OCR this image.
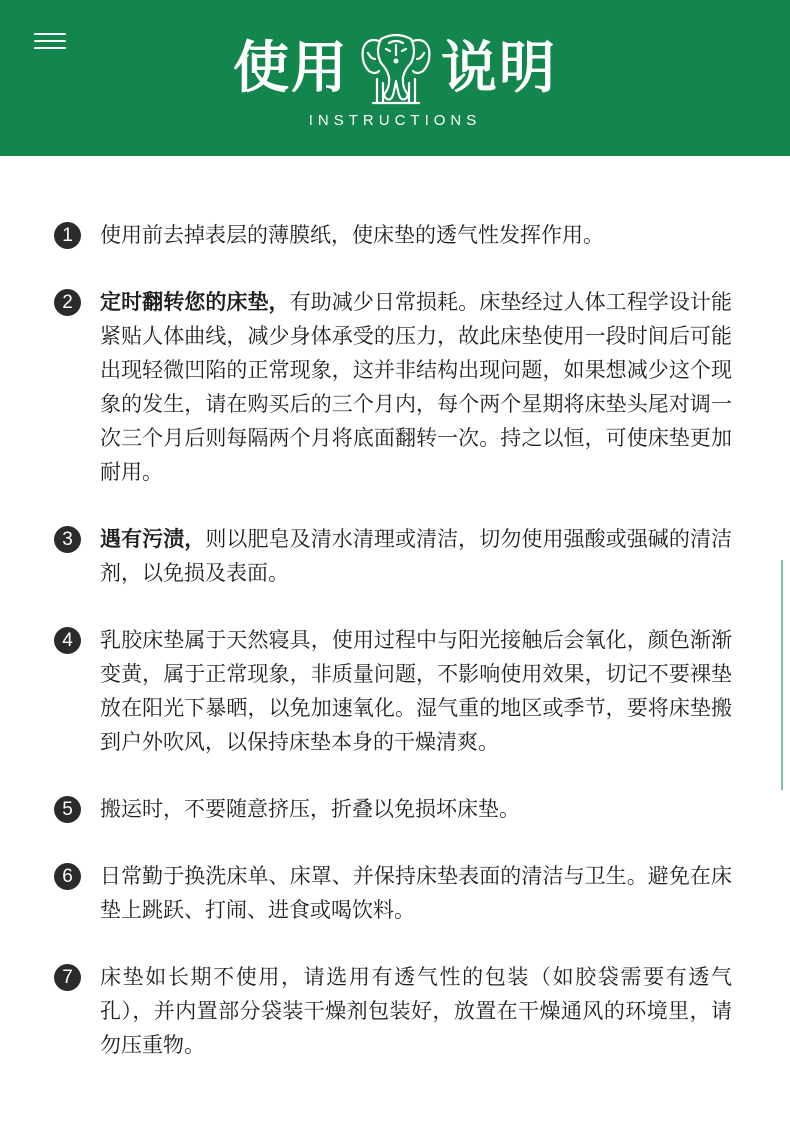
使用 说明
INSTRUCTIONS
1	使用前去掉表层的薄膜纸，使床垫的透气性发挥作用。
2	定时翻转您的床垫，有助减少日常损耗。床垫经过人体工程学设计能紧贴人体曲线，减少身体承受的压力，故此床垫使用一段时间后可能出现轻微凹陷的正常现象，这并非结构出现问题，如果想减少这个现象的发生，请在购买后的三个月内，每个两个星期将床垫头尾对调一次三个月后则每隔两个月将底面翻转一次。持之以恒，可使床垫更加耐用。
3	遇有污渍，则以肥皂及清水清理或清洁，切勿使用强酸或强碱的清洁剂，以免损及表面。
4	乳胶床垫属于天然寝具，使用过程中与阳光接触后会氧化，颜色渐渐变黄，属于正常现象，非质量问题，不影响使用效果，切记不要裸垫放在阳光下暴晒，以免加速氧化。湿气重的地区或季节，要将床垫搬到户外吹风，以保持床垫本身的干燥清爽。
5	搬运时，不要随意挤压，折叠以免损坏床垫。
6	日常勤于换洗床单、床罩、并保持床垫表面的清洁与卫生。避免在床垫上跳跃、打闹、进食或喝饮料。
7	床垫如长期不使用，请选用有透气性的包装（如胶袋需要有透气孔），并内置部分袋装干燥剂包装好，放置在干燥通风的环境里，请勿压重物。
